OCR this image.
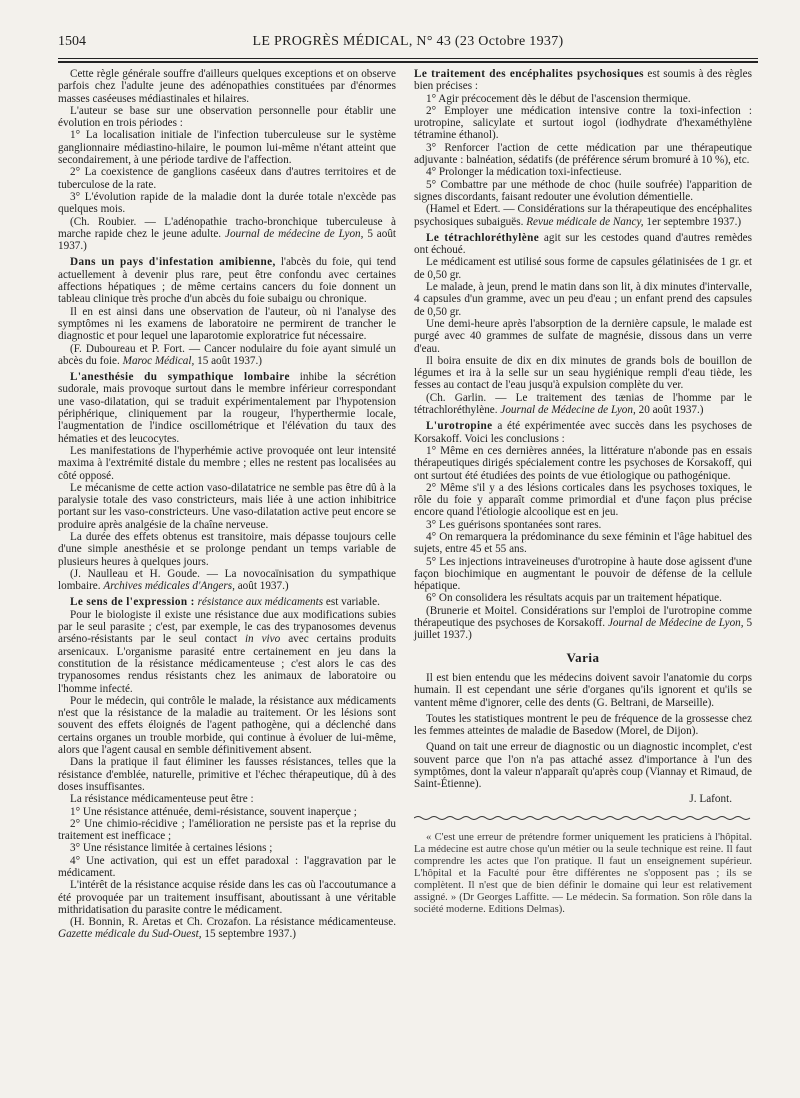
1504	LE PROGRÈS MÉDICAL, N° 43 (23 Octobre 1937)

Cette règle générale souffre d'ailleurs quelques exceptions et on observe parfois chez l'adulte jeune des adénopathies constituées par d'énormes masses caséeuses médiastinales et hilaires.

L'auteur se base sur une observation personnelle pour établir une évolution en trois périodes :

1° La localisation initiale de l'infection tuberculeuse sur le système ganglionnaire médiastino-hilaire, le poumon lui-même n'étant atteint que secondairement, à une période tardive de l'affection.

2° La coexistence de ganglions caséeux dans d'autres territoires et de tuberculose de la rate.

3° L'évolution rapide de la maladie dont la durée totale n'excède pas quelques mois.

(Ch. Roubier. — L'adénopathie tracho-bronchique tuberculeuse à marche rapide chez le jeune adulte. Journal de médecine de Lyon, 5 août 1937.)

Dans un pays d'infestation amibienne, l'abcès du foie, qui tend actuellement à devenir plus rare, peut être confondu avec certaines affections hépatiques ; de même certains cancers du foie donnent un tableau clinique très proche d'un abcès du foie subaigu ou chronique.

Il en est ainsi dans une observation de l'auteur, où ni l'analyse des symptômes ni les examens de laboratoire ne permirent de trancher le diagnostic et pour lequel une laparotomie exploratrice fut nécessaire.

(F. Duboureau et P. Fort. — Cancer nodulaire du foie ayant simulé un abcès du foie. Maroc Médical, 15 août 1937.)

L'anesthésie du sympathique lombaire inhibe la sécrétion sudorale, mais provoque surtout dans le membre inférieur correspondant une vaso-dilatation, qui se traduit expérimentalement par l'hypotension périphérique, cliniquement par la rougeur, l'hyperthermie locale, l'augmentation de l'indice oscillométrique et l'élévation du taux des hématies et des leucocytes.

Les manifestations de l'hyperhémie active provoquée ont leur intensité maxima à l'extrémité distale du membre ; elles ne restent pas localisées au côté opposé.

Le mécanisme de cette action vaso-dilatatrice ne semble pas être dû à la paralysie totale des vaso constricteurs, mais liée à une action inhibitrice portant sur les vaso-constricteurs. Une vaso-dilatation active peut encore se produire après analgésie de la chaîne nerveuse.

La durée des effets obtenus est transitoire, mais dépasse toujours celle d'une simple anesthésie et se prolonge pendant un temps variable de plusieurs heures à quelques jours.

(J. Naulleau et H. Goude. — La novocaïnisation du sympathique lombaire. Archives médicales d'Angers, août 1937.)

Le sens de l'expression : résistance aux médicaments est variable.

Pour le biologiste il existe une résistance due aux modifications subies par le seul parasite ; c'est, par exemple, le cas des trypanosomes devenus arséno-résistants par le seul contact in vivo avec certains produits arsenicaux. L'organisme parasité entre certainement en jeu dans la constitution de la résistance médicamenteuse ; c'est alors le cas des trypanosomes rendus résistants chez les animaux de laboratoire ou l'homme infecté.

Pour le médecin, qui contrôle le malade, la résistance aux médicaments n'est que la résistance de la maladie au traitement. Or les lésions sont souvent des effets éloignés de l'agent pathogène, qui a déclenché dans certains organes un trouble morbide, qui continue à évoluer de lui-même, alors que l'agent causal en semble définitivement absent.

Dans la pratique il faut éliminer les fausses résistances, telles que la résistance d'emblée, naturelle, primitive et l'échec thérapeutique, dû à des doses insuffisantes.

La résistance médicamenteuse peut être :

1° Une résistance atténuée, demi-résistance, souvent inaperçue ;

2° Une chimio-récidive ; l'amélioration ne persiste pas et la reprise du traitement est inefficace ;

3° Une résistance limitée à certaines lésions ;

4° Une activation, qui est un effet paradoxal : l'aggravation par le médicament.

L'intérêt de la résistance acquise réside dans les cas où l'accoutumance a été provoquée par un traitement insuffisant, aboutissant à une véritable mithridatisation du parasite contre le médicament.

(H. Bonnin, R. Aretas et Ch. Crozafon. La résistance médicamenteuse. Gazette médicale du Sud-Ouest, 15 septembre 1937.)

Le traitement des encéphalites psychosiques est soumis à des règles bien précises :

1° Agir précocement dès le début de l'ascension thermique.

2° Employer une médication intensive contre la toxi-infection : urotropine, salicylate et surtout iogol (iodhydrate d'hexaméthylène tétramine éthanol).

3° Renforcer l'action de cette médication par une thérapeutique adjuvante : balnéation, sédatifs (de préférence sérum bromuré à 10 %), etc.

4° Prolonger la médication toxi-infectieuse.

5° Combattre par une méthode de choc (huile soufrée) l'apparition de signes discordants, faisant redouter une évolution démentielle.

(Hamel et Edert. — Considérations sur la thérapeutique des encéphalites psychosiques subaiguës. Revue médicale de Nancy, 1er septembre 1937.)

Le tétrachloréthylène agit sur les cestodes quand d'autres remèdes ont échoué.

Le médicament est utilisé sous forme de capsules gélatinisées de 1 gr. et de 0,50 gr.

Le malade, à jeun, prend le matin dans son lit, à dix minutes d'intervalle, 4 capsules d'un gramme, avec un peu d'eau ; un enfant prend des capsules de 0,50 gr.

Une demi-heure après l'absorption de la dernière capsule, le malade est purgé avec 40 grammes de sulfate de magnésie, dissous dans un verre d'eau.

Il boira ensuite de dix en dix minutes de grands bols de bouillon de légumes et ira à la selle sur un seau hygiénique rempli d'eau tiède, les fesses au contact de l'eau jusqu'à expulsion complète du ver.

(Ch. Garlin. — Le traitement des tænias de l'homme par le tétrachloréthylène. Journal de Médecine de Lyon, 20 août 1937.)

L'urotropine a été expérimentée avec succès dans les psychoses de Korsakoff. Voici les conclusions :

1° Même en ces dernières années, la littérature n'abonde pas en essais thérapeutiques dirigés spécialement contre les psychoses de Korsakoff, qui ont surtout été étudiées des points de vue étiologique ou pathogénique.

2° Même s'il y a des lésions corticales dans les psychoses toxiques, le rôle du foie y apparaît comme primordial et d'une façon plus précise encore quand l'étiologie alcoolique est en jeu.

3° Les guérisons spontanées sont rares.

4° On remarquera la prédominance du sexe féminin et l'âge habituel des sujets, entre 45 et 55 ans.

5° Les injections intraveineuses d'urotropine à haute dose agissent d'une façon biochimique en augmentant le pouvoir de défense de la cellule hépatique.

6° On consolidera les résultats acquis par un traitement hépatique.

(Brunerie et Moitel. Considérations sur l'emploi de l'urotropine comme thérapeutique des psychoses de Korsakoff. Journal de Médecine de Lyon, 5 juillet 1937.)

Varia

Il est bien entendu que les médecins doivent savoir l'anatomie du corps humain. Il est cependant une série d'organes qu'ils ignorent et qu'ils se vantent même d'ignorer, celle des dents (G. Beltrani, de Marseille).

Toutes les statistiques montrent le peu de fréquence de la grossesse chez les femmes atteintes de maladie de Basedow (Morel, de Dijon).

Quand on tait une erreur de diagnostic ou un diagnostic incomplet, c'est souvent parce que l'on n'a pas attaché assez d'importance à l'un des symptômes, dont la valeur n'apparaît qu'après coup (Viannay et Rimaud, de Saint-Étienne).

J. Lafont.

« C'est une erreur de prétendre former uniquement les praticiens à l'hôpital. La médecine est autre chose qu'un métier ou la seule technique est reine. Il faut comprendre les actes que l'on pratique. Il faut un enseignement supérieur. L'hôpital et la Faculté pour être différentes ne s'opposent pas ; ils se complètent. Il n'est que de bien définir le domaine qui leur est relativement assigné. » (Dr Georges Laffitte. — Le médecin. Sa formation. Son rôle dans la société moderne. Editions Delmas).
